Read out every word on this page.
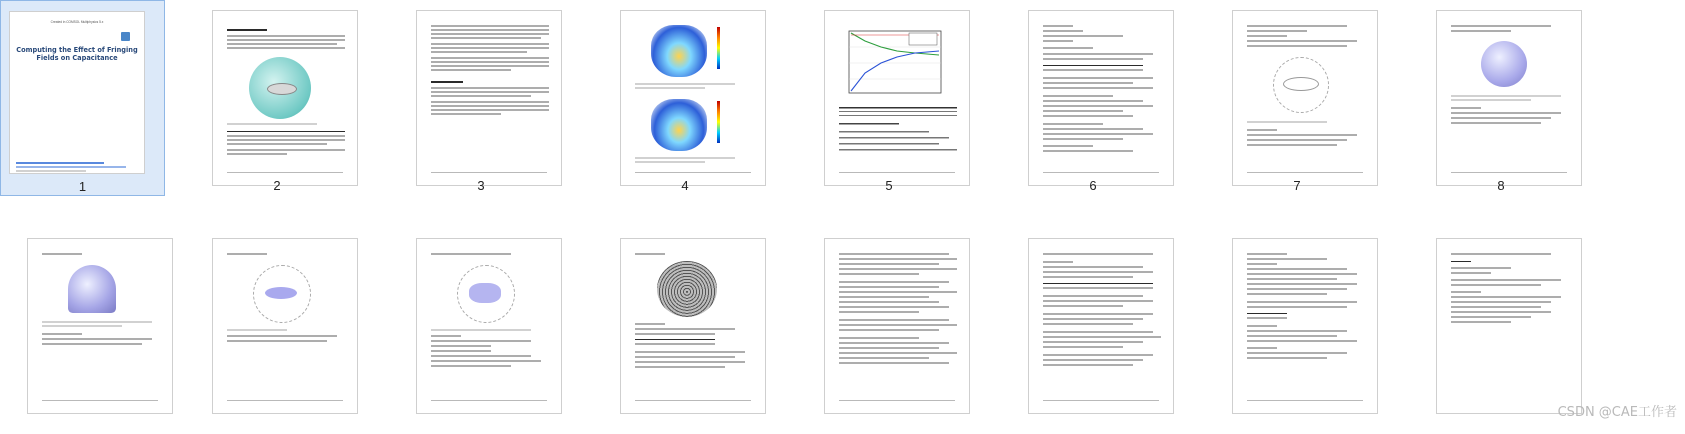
Created in COMSOL Multiphysics 5.x
Computing the Effect of Fringing Fields on Capacitance
1	2	3	4	5	6	7	8
CSDN @CAE工作者
